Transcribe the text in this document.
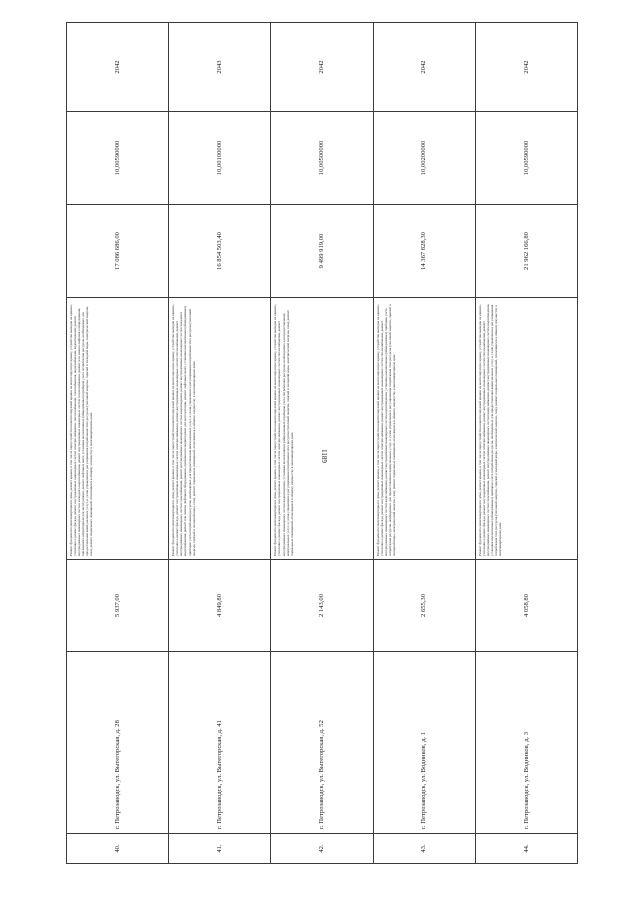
1189
40.	г. Петрозаводск, ул. Вытегорская, д. 28	5 937,00	Ремонт фундамента многоквартирного дома, ремонт крыши, в том числе переустройство невентилируемой крыши на вентилируемую крышу, устройство выходов на кровлю, утепление и ремонт фасада, ремонт внутридомовых инженерных систем электроснабжения, теплоснабжения, газоснабжения, водоснабжения, водоотведения, ремонт внутридомовых инженерных систем холодного водоснабжения, ремонт внутридомовых инженерных систем теплоснабжения, ремонт или замена лифтового оборудования, признанного непригодным для эксплуатации, ремонт лифтовых шахт, установка коллективных (общедомовых) приборов учета потребления ресурсов, необходимых для предоставления коммунальных услуг, и узлов управления и регулирования потребления этих ресурсов (тепловой энергии, горячей и холодной воды, электрической энергии, газа), ремонт подвальных помещений, относящихся к общему имуществу в многоквартирном доме	17 086 686,00	10,00590000	2042
41.	г. Петрозаводск, ул. Вытегорская, д. 41	4 849,80	Ремонт фундамента многоквартирного дома, ремонт крыши, в том числе переустройство невентилируемой крыши на вентилируемую крышу, устройство выходов на кровлю, утепление и ремонт фасада, ремонт внутридомовых инженерных систем электроснабжения, ремонт внутридомовых инженерных систем теплоснабжения, ремонт внутридомовых инженерных систем газоснабжения, ремонт внутридомовых инженерных систем водоотведения, ремонт внутридомовых инженерных систем холодного водоснабжения, ремонт или замена лифтового оборудования, признанного непригодным для эксплуатации, ремонт лифтовых шахт, установка коллективных (общедомовых) приборов учета потребления ресурсов, необходимых для предоставления коммунальных услуг, и узлов управления и регулирования потребления этих ресурсов (тепловой энергии, горячей и холодной воды, газа), ремонт подвальных помещений, относящихся к общему имуществу в многоквартирном доме	16 854 503,40	10,00100000	2043
42.	г. Петрозаводск, ул. Вытегорская, д. 52	2 143,00	Ремонт фундамента многоквартирного дома, ремонт крыши, в том числе переустройство невентилируемой крыши на вентилируемую крышу, устройство выходов на кровлю, утепление и ремонт фасада, ремонт внутридомовых инженерных систем электроснабжения, ремонт внутридомовых инженерных систем теплоснабжения, ремонт внутридомовых инженерных систем водоотведения, установка коллективных (общедомовых) приборов учета потребления ресурсов, необходимых для предоставления коммунальных услуг, и узлов управления и регулирования потребления этих ресурсов (тепловой энергии, горячей и холодной воды, электрической энергии, газа), ремонт подвальных помещений, относящихся к общему имуществу в многоквартирном доме	9 499 919,00	10,00500000	2042
43.	г. Петрозаводск, ул. Водников, д. 1	2 655,30	Ремонт фундамента многоквартирного дома, ремонт крыши, в том числе переустройство невентилируемой крыши на вентилируемую крышу, устройство выходов на кровлю, утепление и ремонт фасада, ремонт внутридомовых инженерных систем электроснабжения, ремонт внутридомовых инженерных систем теплоснабжения, ремонт внутридомовых инженерных систем водоснабжения, ремонт внутридомовых инженерных систем водоотведения, установка коллективных (общедомовых) приборов учета потребления ресурсов, необходимых для предоставления коммунальных услуг, и узлов управления и регулирования потребления этих ресурсов (тепловой энергии, горячей и холодной воды, электрической энергии, газа), ремонт подвальных помещений, относящихся к общему имуществу в многоквартирном доме	14 367 828,30	10,00200000	2042
44.	г. Петрозаводск, ул. Водников, д. 3	4 058,80	Ремонт фундамента многоквартирного дома, ремонт крыши, в том числе переустройство невентилируемой крыши на вентилируемую крышу, устройство выходов на кровлю, утепление и ремонт фасада, ремонт внутридомовых инженерных систем электроснабжения, ремонт внутридомовых инженерных систем теплоснабжения, ремонт внутридомовых инженерных систем газоснабжения, ремонт внутридомовых инженерных систем водоснабжения, ремонт внутридомовых инженерных систем водоотведения, установка коллективных (общедомовых) приборов учета потребления ресурсов, необходимых для предоставления коммунальных услуг, и узлов управления и регулирования потребления этих ресурсов (тепловой энергии, горячей и холодной воды, электрической энергии, газа), ремонт подвальных помещений, относящихся к общему имуществу в многоквартирном доме	21 962 166,80	10,00590000	2042
